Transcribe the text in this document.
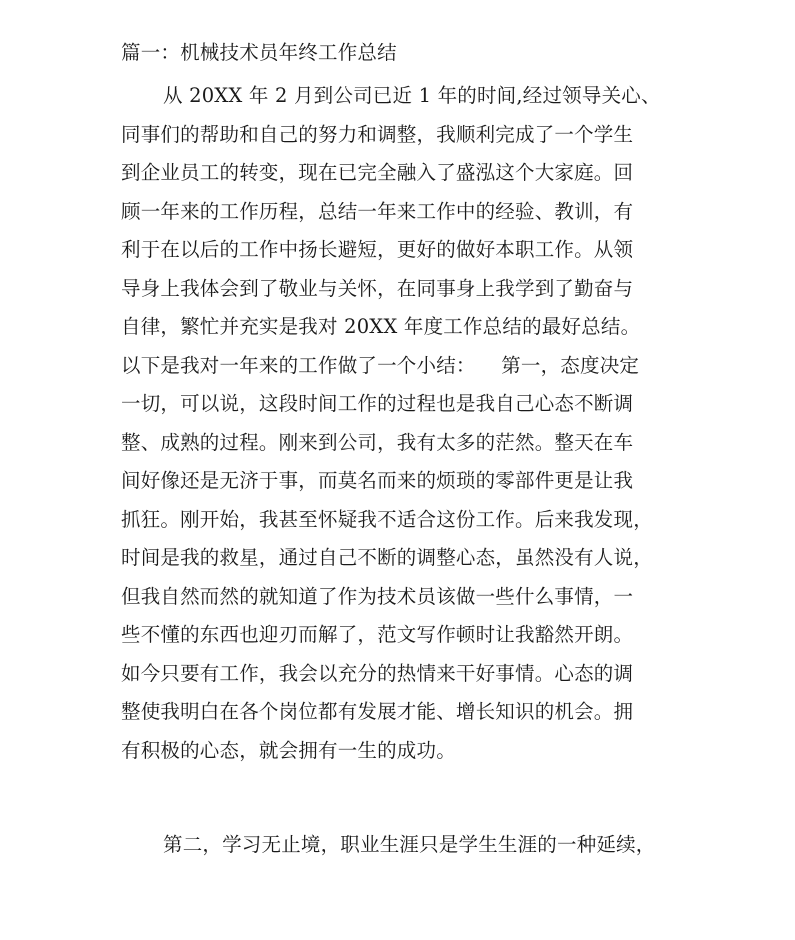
篇一：机械技术员年终工作总结
从 20XX 年 2 月到公司已近 1 年的时间,经过领导关心、
同事们的帮助和自己的努力和调整，我顺利完成了一个学生
到企业员工的转变，现在已完全融入了盛泓这个大家庭。回
顾一年来的工作历程，总结一年来工作中的经验、教训，有
利于在以后的工作中扬长避短，更好的做好本职工作。从领
导身上我体会到了敬业与关怀，在同事身上我学到了勤奋与
自律，繁忙并充实是我对 20XX 年度工作总结的最好总结。
以下是我对一年来的工作做了一个小结：    第一，态度决定
一切，可以说，这段时间工作的过程也是我自己心态不断调
整、成熟的过程。刚来到公司，我有太多的茫然。整天在车
间好像还是无济于事，而莫名而来的烦琐的零部件更是让我
抓狂。刚开始，我甚至怀疑我不适合这份工作。后来我发现，
时间是我的救星，通过自己不断的调整心态，虽然没有人说，
但我自然而然的就知道了作为技术员该做一些什么事情，一
些不懂的东西也迎刃而解了，范文写作顿时让我豁然开朗。
如今只要有工作，我会以充分的热情来干好事情。心态的调
整使我明白在各个岗位都有发展才能、增长知识的机会。拥
有积极的心态，就会拥有一生的成功。
第二，学习无止境，职业生涯只是学生生涯的一种延续，
